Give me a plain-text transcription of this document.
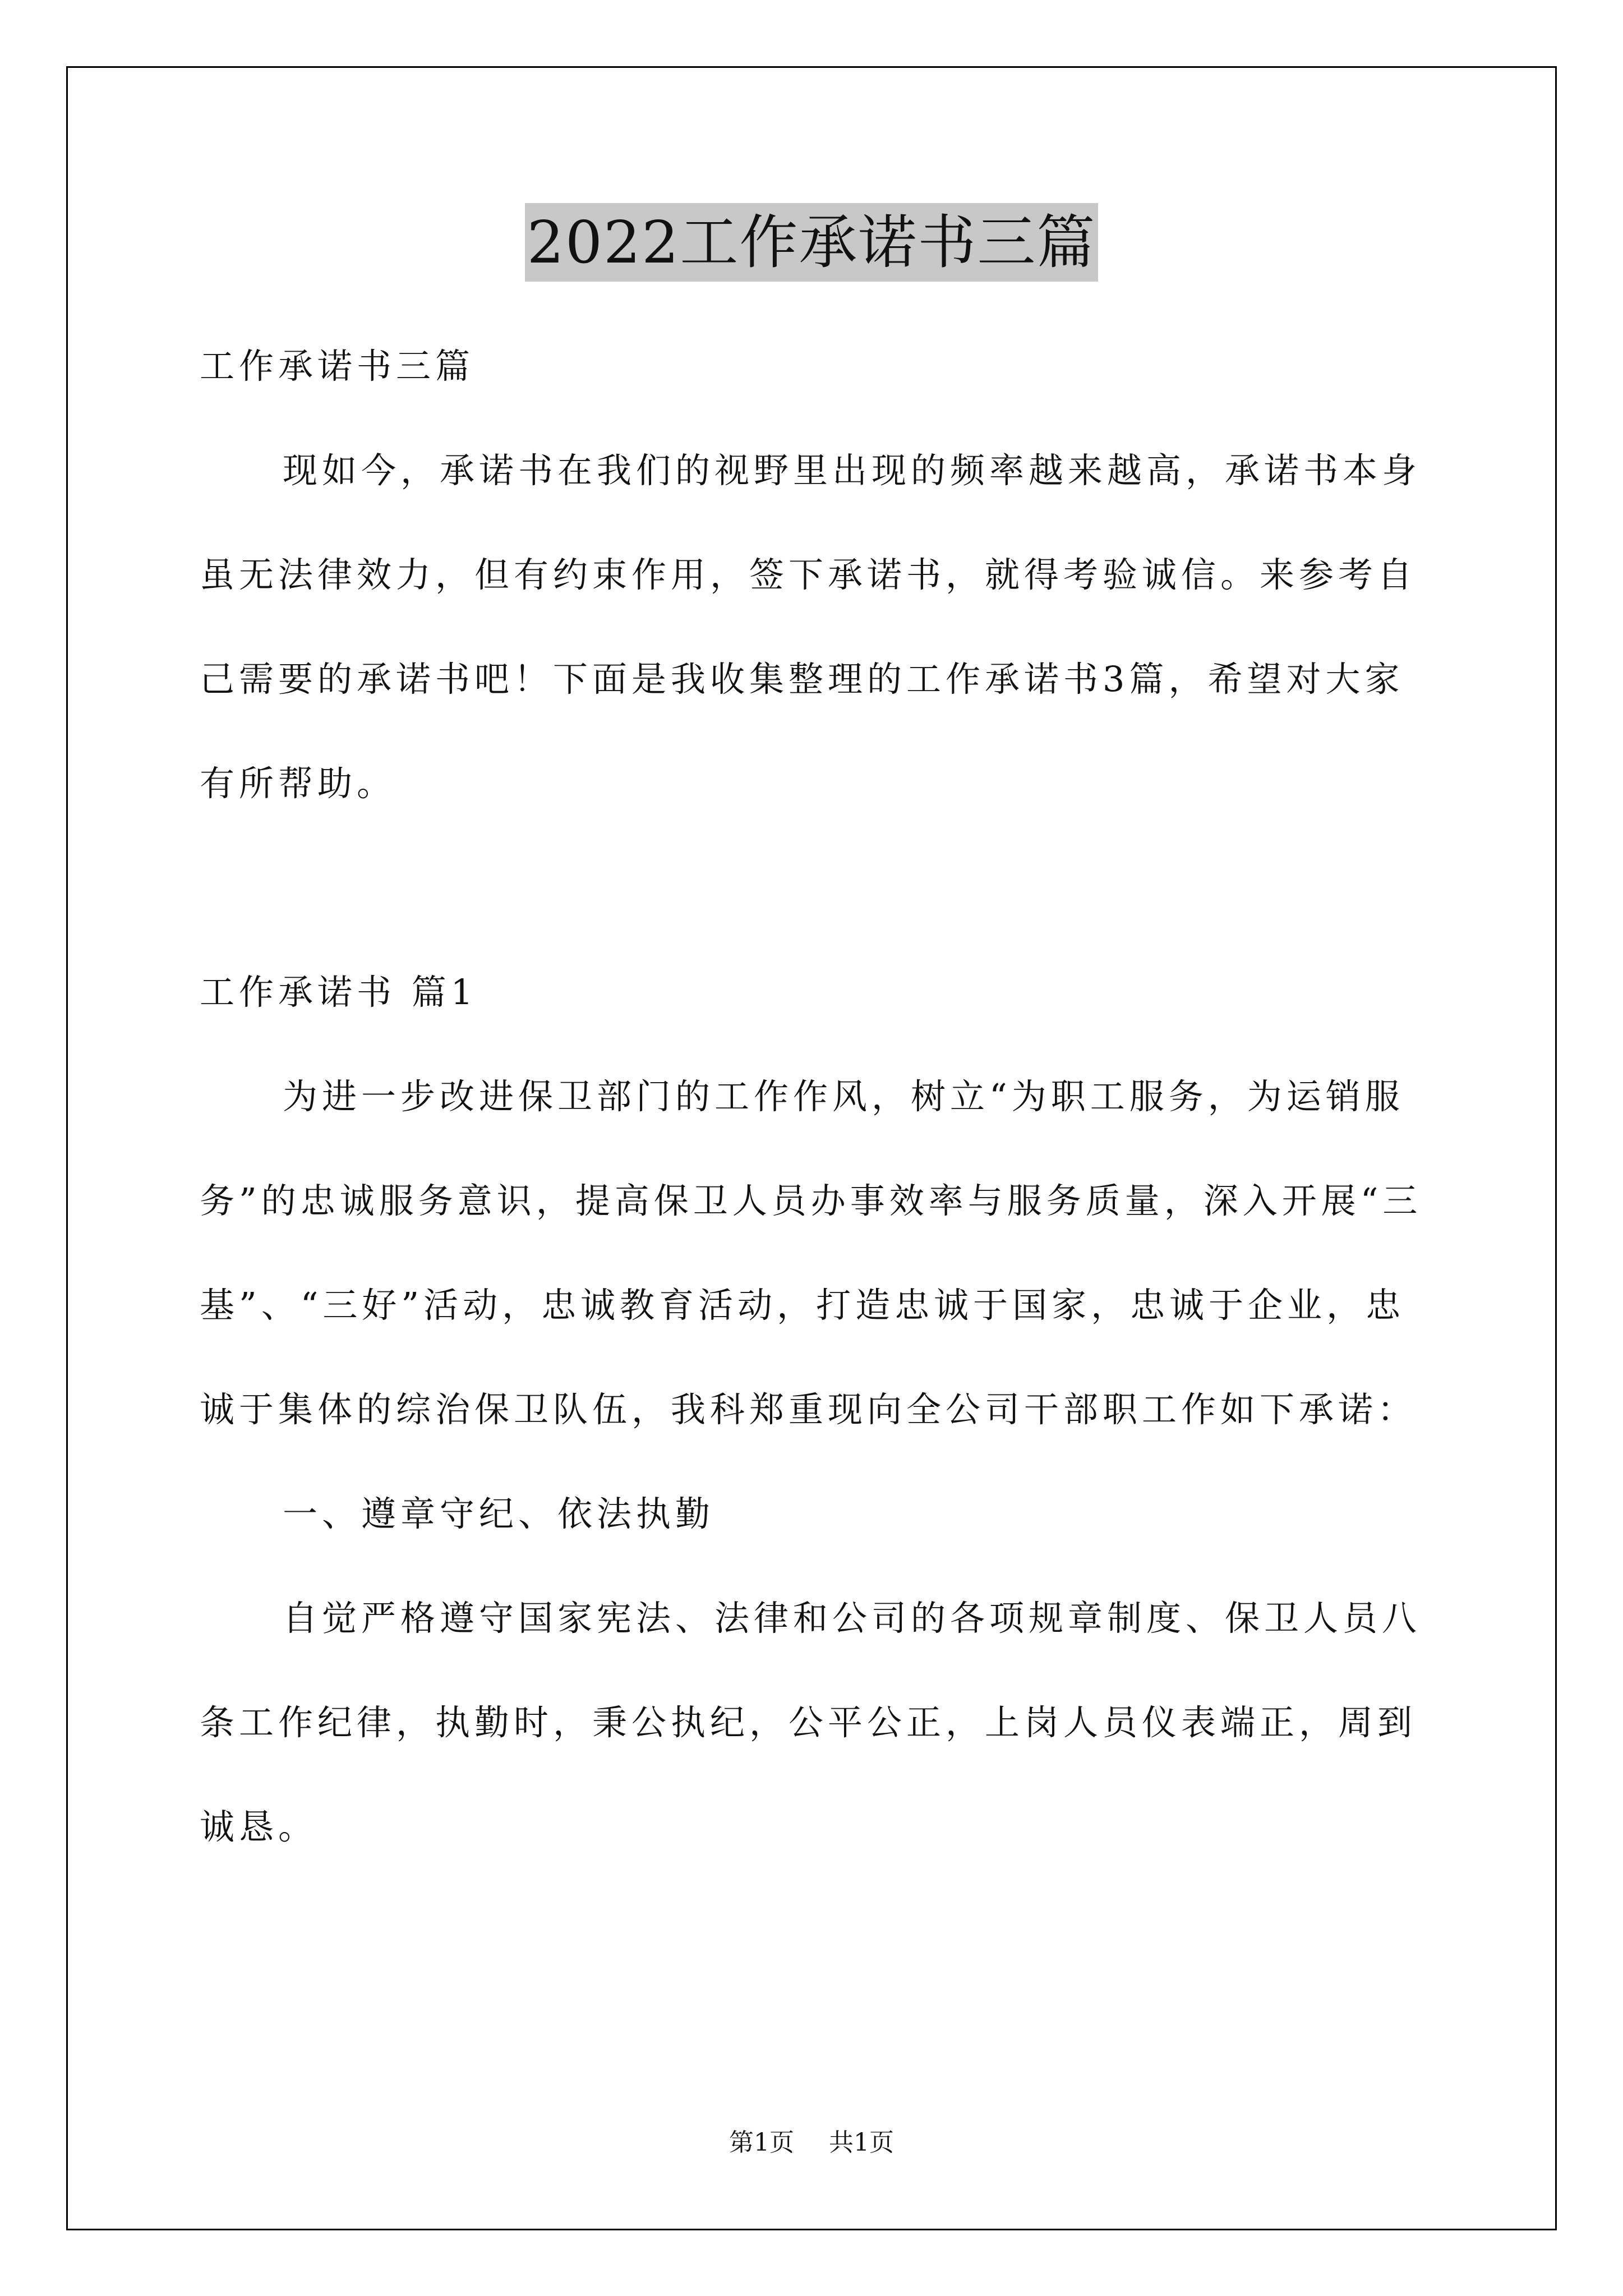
2022工作承诺书三篇

工作承诺书三篇

现如今，承诺书在我们的视野里出现的频率越来越高，承诺书本身虽无法律效力，但有约束作用，签下承诺书，就得考验诚信。来参考自己需要的承诺书吧！下面是我收集整理的工作承诺书3篇，希望对大家有所帮助。

工作承诺书 篇1

为进一步改进保卫部门的工作作风，树立“为职工服务，为运销服务”的忠诚服务意识，提高保卫人员办事效率与服务质量，深入开展“三基”、“三好”活动，忠诚教育活动，打造忠诚于国家，忠诚于企业，忠诚于集体的综治保卫队伍，我科郑重现向全公司干部职工作如下承诺：

一、遵章守纪、依法执勤

自觉严格遵守国家宪法、法律和公司的各项规章制度、保卫人员八条工作纪律，执勤时，秉公执纪，公平公正，上岗人员仪表端正，周到诚恳。

第1页 共1页
